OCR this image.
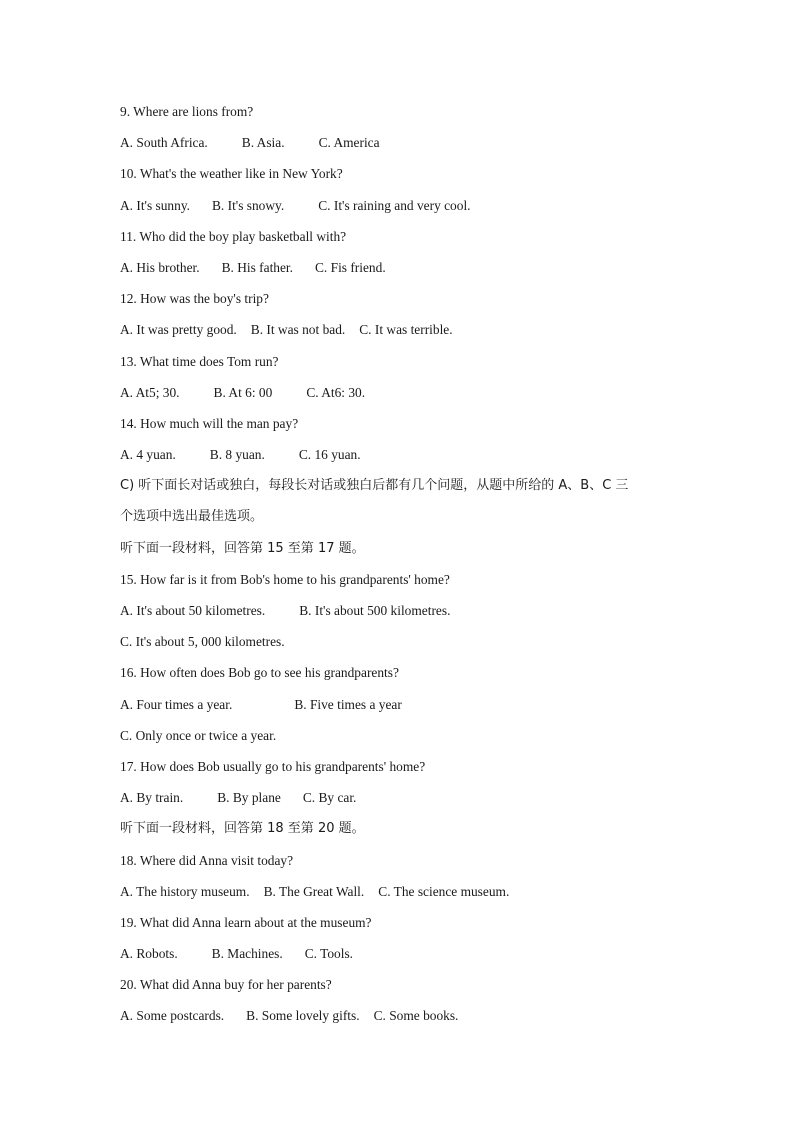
9. Where are lions from?
A. South Africa.	B. Asia.	C. America
10. What's the weather like in New York?
A. It's sunny. B. It's snowy.	C. It's raining and very cool.
11. Who did the boy play basketball with?
A. His brother. B. His father. C. Fis friend.
12. How was the boy's trip?
A. It was pretty good. B. It was not bad. C. It was terrible.
13. What time does Tom run?
A. At5; 30.	B. At 6: 00	C. At6: 30.
14. How much will the man pay?
A. 4 yuan.	B. 8 yuan.	C. 16 yuan.
C) 听下面长对话或独白，每段长对话或独白后都有几个问题，从题中所给的 A、B、C 三
个选项中选出最佳选项。
听下面一段材料，回答第 15 至第 17 题。
15. How far is it from Bob's home to his grandparents' home?
A. It's about 50 kilometres.	B. It's about 500 kilometres.
C. It's about 5, 000 kilometres.
16. How often does Bob go to see his grandparents?
A. Four times a year.	B. Five times a year
C. Only once or twice a year.
17. How does Bob usually go to his grandparents' home?
A. By train.	B. By plane C. By car.
听下面一段材料，回答第 18 至第 20 题。
18. Where did Anna visit today?
A. The history museum. B. The Great Wall. C. The science museum.
19. What did Anna learn about at the museum?
A. Robots.	B. Machines. C. Tools.
20. What did Anna buy for her parents?
A. Some postcards. B. Some lovely gifts. C. Some books.
